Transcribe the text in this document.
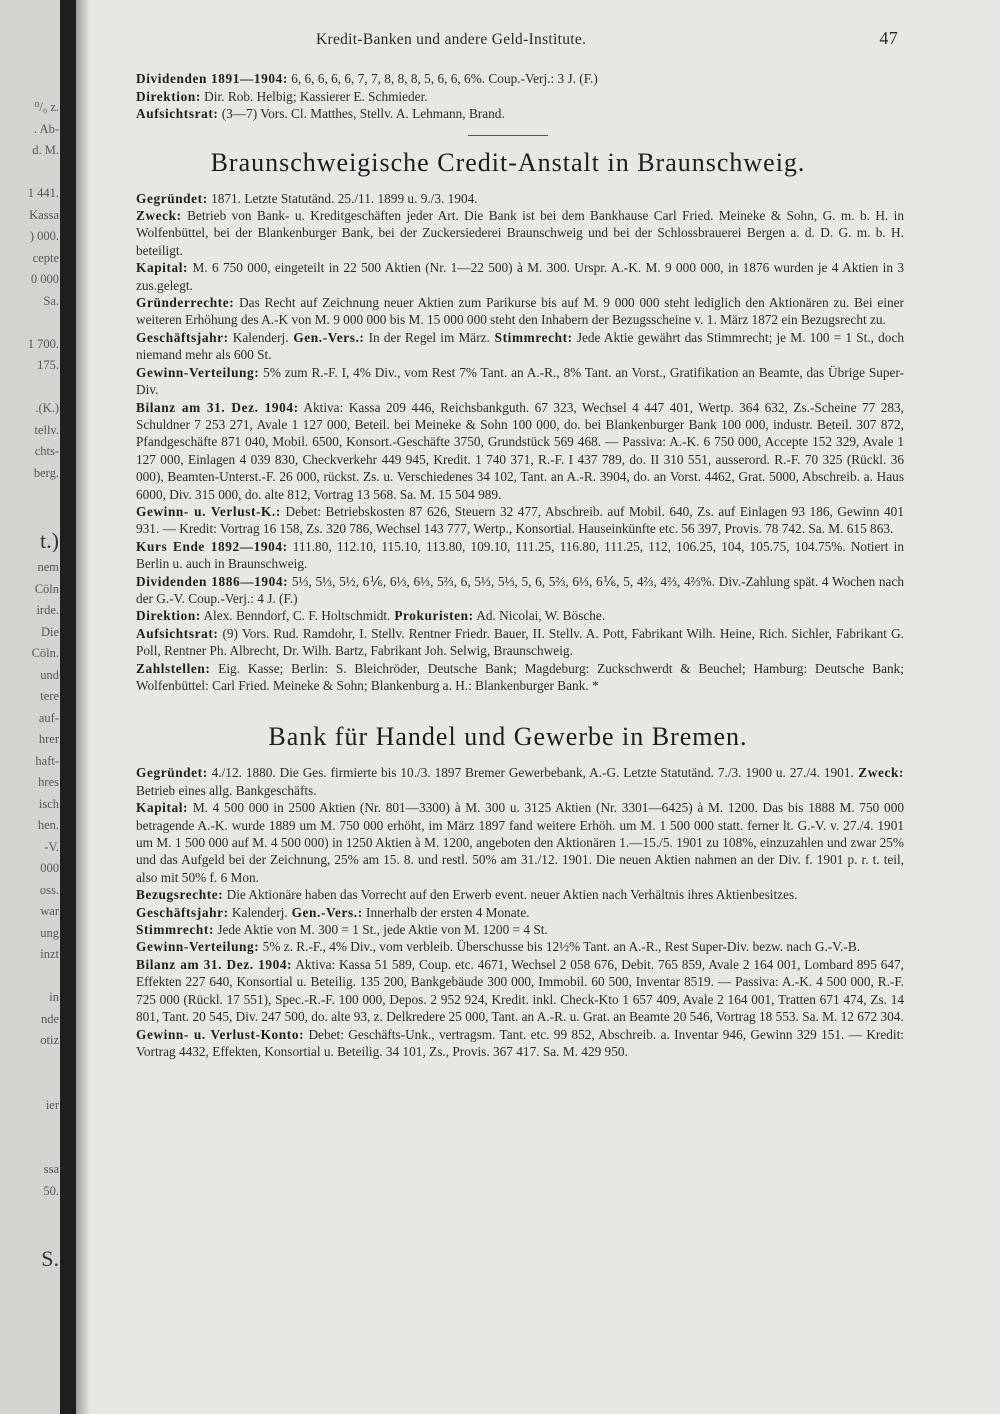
⁰/₀ z.
. Ab-
d. M.
1 441.
Kassa
) 000.
cepte
0 000
Sa.
1 700.
175.
.(K.)
tellv.
chts-
berg.
t.)
nem
Cöln
irde.
Die
Cöln.
und
tere
auf-
hrer
haft-
hres
isch
hen.
-V.
000
oss.
war
ung
inzt
in
nde
otiz
ier
ssa
50.
S.
Kredit-Banken und andere Geld-Institute.	47

Dividenden 1891—1904: 6, 6, 6, 6, 6, 7, 7, 8, 8, 8, 5, 6, 6, 6%. Coup.-Verj.: 3 J. (F.)

Direktion: Dir. Rob. Helbig; Kassierer E. Schmieder.

Aufsichtsrat: (3—7) Vors. Cl. Matthes, Stellv. A. Lehmann, Brand.

Braunschweigische Credit-Anstalt in Braunschweig.

Gegründet: 1871. Letzte Statutänd. 25./11. 1899 u. 9./3. 1904.

Zweck: Betrieb von Bank- u. Kreditgeschäften jeder Art. Die Bank ist bei dem Bankhause Carl Fried. Meineke & Sohn, G. m. b. H. in Wolfenbüttel, bei der Blankenburger Bank, bei der Zuckersiederei Braunschweig und bei der Schlossbrauerei Bergen a. d. D. G. m. b. H. beteiligt.

Kapital: M. 6 750 000, eingeteilt in 22 500 Aktien (Nr. 1—22 500) à M. 300. Urspr. A.-K. M. 9 000 000, in 1876 wurden je 4 Aktien in 3 zus.gelegt.

Gründerrechte: Das Recht auf Zeichnung neuer Aktien zum Parikurse bis auf M. 9 000 000 steht lediglich den Aktionären zu. Bei einer weiteren Erhöhung des A.-K von M. 9 000 000 bis M. 15 000 000 steht den Inhabern der Bezugsscheine v. 1. März 1872 ein Bezugsrecht zu.

Geschäftsjahr: Kalenderj. Gen.-Vers.: In der Regel im März. Stimmrecht: Jede Aktie gewährt das Stimmrecht; je M. 100 = 1 St., doch niemand mehr als 600 St.

Gewinn-Verteilung: 5% zum R.-F. I, 4% Div., vom Rest 7% Tant. an A.-R., 8% Tant. an Vorst., Gratifikation an Beamte, das Übrige Super-Div.

Bilanz am 31. Dez. 1904: Aktiva: Kassa 209 446, Reichsbankguth. 67 323, Wechsel 4 447 401, Wertp. 364 632, Zs.-Scheine 77 283, Schuldner 7 253 271, Avale 1 127 000, Beteil. bei Meineke & Sohn 100 000, do. bei Blankenburger Bank 100 000, industr. Beteil. 307 872, Pfandgeschäfte 871 040, Mobil. 6500, Konsort.-Geschäfte 3750, Grundstück 569 468. — Passiva: A.-K. 6 750 000, Accepte 152 329, Avale 1 127 000, Einlagen 4 039 830, Checkverkehr 449 945, Kredit. 1 740 371, R.-F. I 437 789, do. II 310 551, ausserord. R.-F. 70 325 (Rückl. 36 000), Beamten-Unterst.-F. 26 000, rückst. Zs. u. Verschiedenes 34 102, Tant. an A.-R. 3904, do. an Vorst. 4462, Grat. 5000, Abschreib. a. Haus 6000, Div. 315 000, do. alte 812, Vortrag 13 568. Sa. M. 15 504 989.

Gewinn- u. Verlust-K.: Debet: Betriebskosten 87 626, Steuern 32 477, Abschreib. auf Mobil. 640, Zs. auf Einlagen 93 186, Gewinn 401 931. — Kredit: Vortrag 16 158, Zs. 320 786, Wechsel 143 777, Wertp., Konsortial. Hauseinkünfte etc. 56 397, Provis. 78 742. Sa. M. 615 863.

Kurs Ende 1892—1904: 111.80, 112.10, 115.10, 113.80, 109.10, 111.25, 116.80, 111.25, 112, 106.25, 104, 105.75, 104.75%. Notiert in Berlin u. auch in Braunschweig.

Dividenden 1886—1904: 5⅓, 5⅓, 5½, 6⅙, 6⅓, 6⅓, 5⅔, 6, 5⅓, 5⅓, 5, 6, 5⅔, 6⅓, 6⅙, 5, 4⅔, 4⅔, 4⅔%. Div.-Zahlung spät. 4 Wochen nach der G.-V. Coup.-Verj.: 4 J. (F.)

Direktion: Alex. Benndorf, C. F. Holtschmidt. Prokuristen: Ad. Nicolai, W. Bösche.

Aufsichtsrat: (9) Vors. Rud. Ramdohr, I. Stellv. Rentner Friedr. Bauer, II. Stellv. A. Pott, Fabrikant Wilh. Heine, Rich. Sichler, Fabrikant G. Poll, Rentner Ph. Albrecht, Dr. Wilh. Bartz, Fabrikant Joh. Selwig, Braunschweig.

Zahlstellen: Eig. Kasse; Berlin: S. Bleichröder, Deutsche Bank; Magdeburg: Zuckschwerdt & Beuchel; Hamburg: Deutsche Bank; Wolfenbüttel: Carl Fried. Meineke & Sohn; Blankenburg a. H.: Blankenburger Bank. *

Bank für Handel und Gewerbe in Bremen.

Gegründet: 4./12. 1880. Die Ges. firmierte bis 10./3. 1897 Bremer Gewerbebank, A.-G. Letzte Statutänd. 7./3. 1900 u. 27./4. 1901. Zweck: Betrieb eines allg. Bankgeschäfts.

Kapital: M. 4 500 000 in 2500 Aktien (Nr. 801—3300) à M. 300 u. 3125 Aktien (Nr. 3301—6425) à M. 1200. Das bis 1888 M. 750 000 betragende A.-K. wurde 1889 um M. 750 000 erhöht, im März 1897 fand weitere Erhöh. um M. 1 500 000 statt. ferner lt. G.-V. v. 27./4. 1901 um M. 1 500 000 auf M. 4 500 000) in 1250 Aktien à M. 1200, angeboten den Aktionären 1.—15./5. 1901 zu 108%, einzuzahlen und zwar 25% und das Aufgeld bei der Zeichnung, 25% am 15. 8. und restl. 50% am 31./12. 1901. Die neuen Aktien nahmen an der Div. f. 1901 p. r. t. teil, also mit 50% f. 6 Mon.

Bezugsrechte: Die Aktionäre haben das Vorrecht auf den Erwerb event. neuer Aktien nach Verhältnis ihres Aktienbesitzes.

Geschäftsjahr: Kalenderj. Gen.-Vers.: Innerhalb der ersten 4 Monate.

Stimmrecht: Jede Aktie von M. 300 = 1 St., jede Aktie von M. 1200 = 4 St.

Gewinn-Verteilung: 5% z. R.-F., 4% Div., vom verbleib. Überschusse bis 12½% Tant. an A.-R., Rest Super-Div. bezw. nach G.-V.-B.

Bilanz am 31. Dez. 1904: Aktiva: Kassa 51 589, Coup. etc. 4671, Wechsel 2 058 676, Debit. 765 859, Avale 2 164 001, Lombard 895 647, Effekten 227 640, Konsortial u. Beteilig. 135 200, Bankgebäude 300 000, Immobil. 60 500, Inventar 8519. — Passiva: A.-K. 4 500 000, R.-F. 725 000 (Rückl. 17 551), Spec.-R.-F. 100 000, Depos. 2 952 924, Kredit. inkl. Check-Kto 1 657 409, Avale 2 164 001, Tratten 671 474, Zs. 14 801, Tant. 20 545, Div. 247 500, do. alte 93, z. Delkredere 25 000, Tant. an A.-R. u. Grat. an Beamte 20 546, Vortrag 18 553. Sa. M. 12 672 304.

Gewinn- u. Verlust-Konto: Debet: Geschäfts-Unk., vertragsm. Tant. etc. 99 852, Abschreib. a. Inventar 946, Gewinn 329 151. — Kredit: Vortrag 4432, Effekten, Konsortial u. Beteilig. 34 101, Zs., Provis. 367 417. Sa. M. 429 950.
